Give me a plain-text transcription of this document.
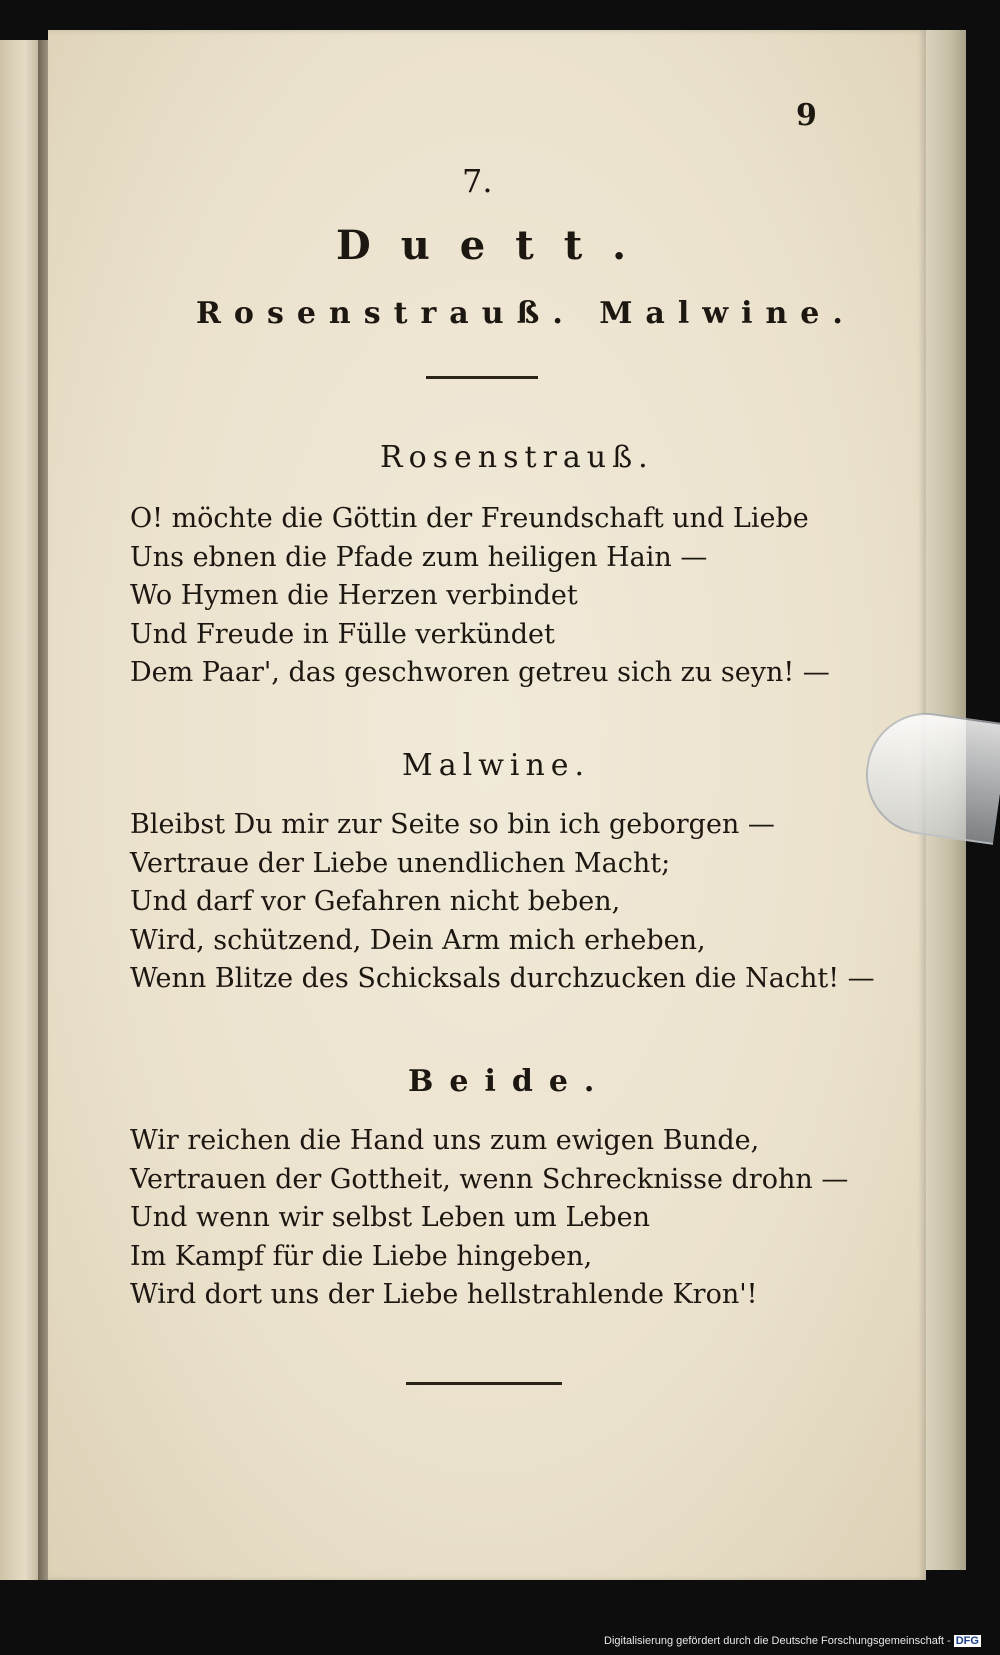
9
7.
Duett.
Rosenstrauß. Malwine.
Rosenstrauß.
O! möchte die Göttin der Freundschaft und Liebe
Uns ebnen die Pfade zum heiligen Hain —
Wo Hymen die Herzen verbindet
Und Freude in Fülle verkündet
Dem Paar', das geschworen getreu sich zu seyn! —
Malwine.
Bleibst Du mir zur Seite so bin ich geborgen —
Vertraue der Liebe unendlichen Macht;
Und darf vor Gefahren nicht beben,
Wird, schützend, Dein Arm mich erheben,
Wenn Blitze des Schicksals durchzucken die Nacht! —
Beide.
Wir reichen die Hand uns zum ewigen Bunde,
Vertrauen der Gottheit, wenn Schrecknisse drohn —
Und wenn wir selbst Leben um Leben
Im Kampf für die Liebe hingeben,
Wird dort uns der Liebe hellstrahlende Kron'!
Digitalisierung gefördert durch die Deutsche Forschungsgemeinschaft - DFG
